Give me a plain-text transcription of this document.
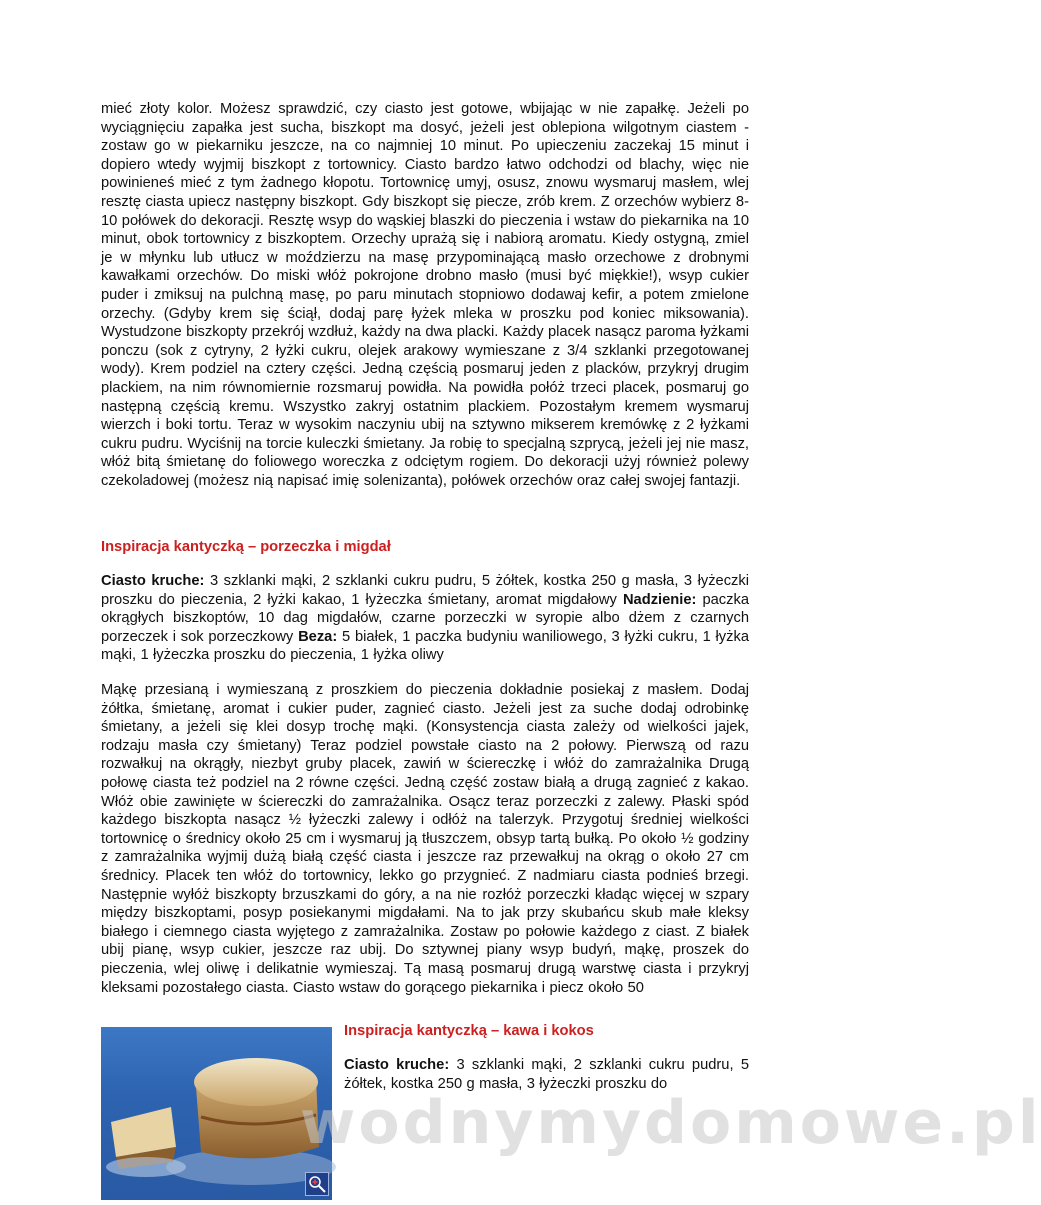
mieć złoty kolor. Możesz sprawdzić, czy ciasto jest gotowe, wbijając w nie zapałkę. Jeżeli po wyciągnięciu zapałka jest sucha, biszkopt ma dosyć, jeżeli jest oblepiona wilgotnym ciastem - zostaw go w piekarniku jeszcze, na co najmniej 10 minut. Po upieczeniu zaczekaj 15 minut i dopiero wtedy wyjmij biszkopt z tortownicy. Ciasto bardzo łatwo odchodzi od blachy, więc nie powinieneś mieć z tym żadnego kłopotu. Tortownicę umyj, osusz, znowu wysmaruj masłem, wlej resztę ciasta upiecz następny biszkopt. Gdy biszkopt się piecze, zrób krem. Z orzechów wybierz 8-10 połówek do dekoracji. Resztę wsyp do wąskiej blaszki do pieczenia i wstaw do piekarnika na 10 minut, obok tortownicy z biszkoptem. Orzechy uprażą się i nabiorą aromatu. Kiedy ostygną, zmiel je w młynku lub utłucz w moździerzu na masę przypominającą masło orzechowe z drobnymi kawałkami orzechów. Do miski włóż pokrojone drobno masło (musi być miękkie!), wsyp cukier puder i zmiksuj na pulchną masę, po paru minutach stopniowo dodawaj kefir, a potem zmielone orzechy. (Gdyby krem się ściął, dodaj parę łyżek mleka w proszku pod koniec miksowania). Wystudzone biszkopty przekrój wzdłuż, każdy na dwa placki. Każdy placek nasącz paroma łyżkami ponczu (sok z cytryny, 2 łyżki cukru, olejek arakowy wymieszane z 3/4 szklanki przegotowanej wody). Krem podziel na cztery części. Jedną częścią posmaruj jeden z placków, przykryj drugim plackiem, na nim równomiernie rozsmaruj powidła. Na powidła połóż trzeci placek, posmaruj go następną częścią kremu. Wszystko zakryj ostatnim plackiem. Pozostałym kremem wysmaruj wierzch i boki tortu. Teraz w wysokim naczyniu ubij na sztywno mikserem kremówkę z 2 łyżkami cukru pudru. Wyciśnij na torcie kuleczki śmietany. Ja robię to specjalną szprycą, jeżeli jej nie masz, włóż bitą śmietanę do foliowego woreczka z odciętym rogiem. Do dekoracji użyj również polewy czekoladowej (możesz nią napisać imię solenizanta), połówek orzechów oraz całej swojej fantazji.

Inspiracja kantyczką – porzeczka i migdał

Ciasto kruche: 3 szklanki mąki, 2 szklanki cukru pudru, 5 żółtek, kostka 250 g masła, 3 łyżeczki proszku do pieczenia, 2 łyżki kakao, 1 łyżeczka śmietany, aromat migdałowy Nadzienie: paczka okrągłych biszkoptów, 10 dag migdałów, czarne porzeczki w syropie albo dżem z czarnych porzeczek i sok porzeczkowy Beza: 5 białek, 1 paczka budyniu waniliowego, 3 łyżki cukru, 1 łyżka mąki, 1 łyżeczka proszku do pieczenia, 1 łyżka oliwy

Mąkę przesianą i wymieszaną z proszkiem do pieczenia dokładnie posiekaj z masłem. Dodaj żółtka, śmietanę, aromat i cukier puder, zagnieć ciasto. Jeżeli jest za suche dodaj odrobinkę śmietany, a jeżeli się klei dosyp trochę mąki. (Konsystencja ciasta zależy od wielkości jajek, rodzaju masła czy śmietany) Teraz podziel powstałe ciasto na 2 połowy. Pierwszą od razu rozwałkuj na okrągły, niezbyt gruby placek, zawiń w ściereczkę i włóż do zamrażalnika Drugą połowę ciasta też podziel na 2 równe części. Jedną część zostaw białą a drugą zagnieć z kakao. Włóż obie zawinięte w ściereczki do zamrażalnika. Osącz teraz porzeczki z zalewy. Płaski spód każdego biszkopta nasącz ½ łyżeczki zalewy i odłóż na talerzyk. Przygotuj średniej wielkości tortownicę o średnicy około 25 cm i wysmaruj ją tłuszczem, obsyp tartą bułką. Po około ½ godziny z zamrażalnika wyjmij dużą białą część ciasta i jeszcze raz przewałkuj na okrąg o około 27 cm średnicy. Placek ten włóż do tortownicy, lekko go przygnieć. Z nadmiaru ciasta podnieś brzegi. Następnie wyłóż biszkopty brzuszkami do góry, a na nie rozłóż porzeczki kładąc więcej w szpary między biszkoptami, posyp posiekanymi migdałami. Na to jak przy skubańcu skub małe kleksy białego i ciemnego ciasta wyjętego z zamrażalnika. Zostaw po połowie każdego z ciast. Z białek ubij pianę, wsyp cukier, jeszcze raz ubij. Do sztywnej piany wsyp budyń, mąkę, proszek do pieczenia, wlej oliwę i delikatnie wymieszaj. Tą masą posmaruj drugą warstwę ciasta i przykryj kleksami pozostałego ciasta. Ciasto wstaw do gorącego piekarnika i piecz około 50

Inspiracja kantyczką – kawa i kokos

Ciasto kruche: 3 szklanki mąki, 2 szklanki cukru pudru, 5 żółtek, kostka 250 g masła, 3 łyżeczki proszku do

wodnymydomowe.pl
